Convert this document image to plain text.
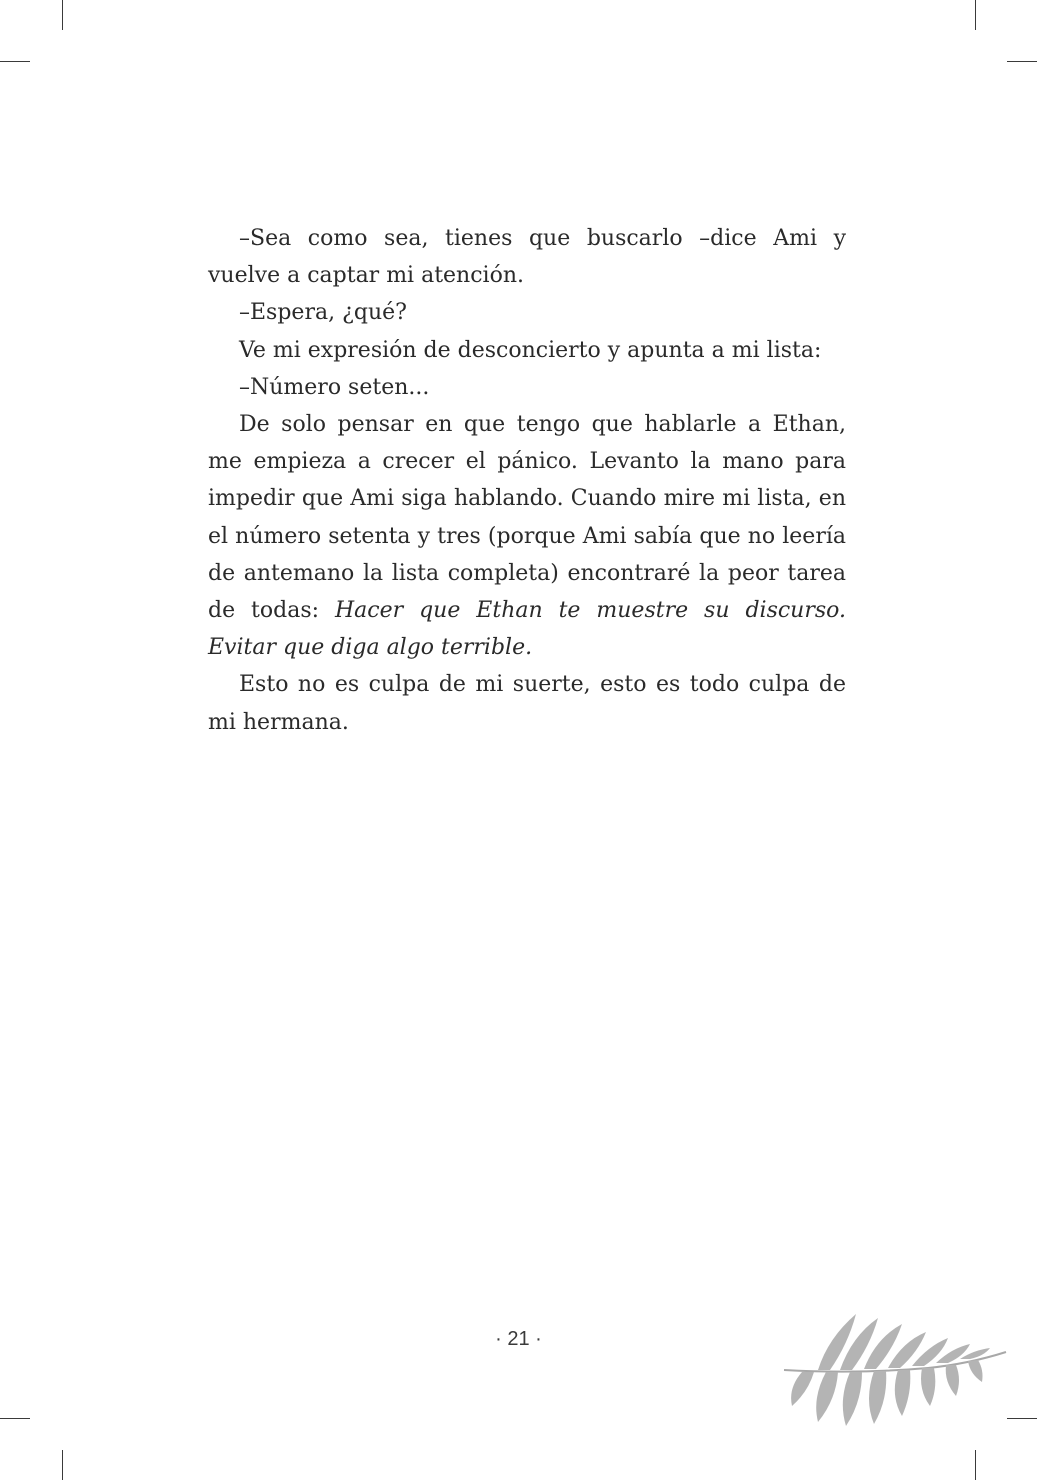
–Sea como sea, tienes que buscarlo –dice Ami y vuelve a captar mi atención.

–Espera, ¿qué?

Ve mi expresión de desconcierto y apunta a mi lista:

–Número seten...

De solo pensar en que tengo que hablarle a Ethan, me empieza a crecer el pánico. Levanto la mano para impedir que Ami siga hablando. Cuando mire mi lista, en el número setenta y tres (porque Ami sabía que no leería de antemano la lista completa) encontraré la peor tarea de todas: Hacer que Ethan te muestre su discurso. Evitar que diga algo terrible.

Esto no es culpa de mi suerte, esto es todo culpa de mi hermana.

· 21 ·
